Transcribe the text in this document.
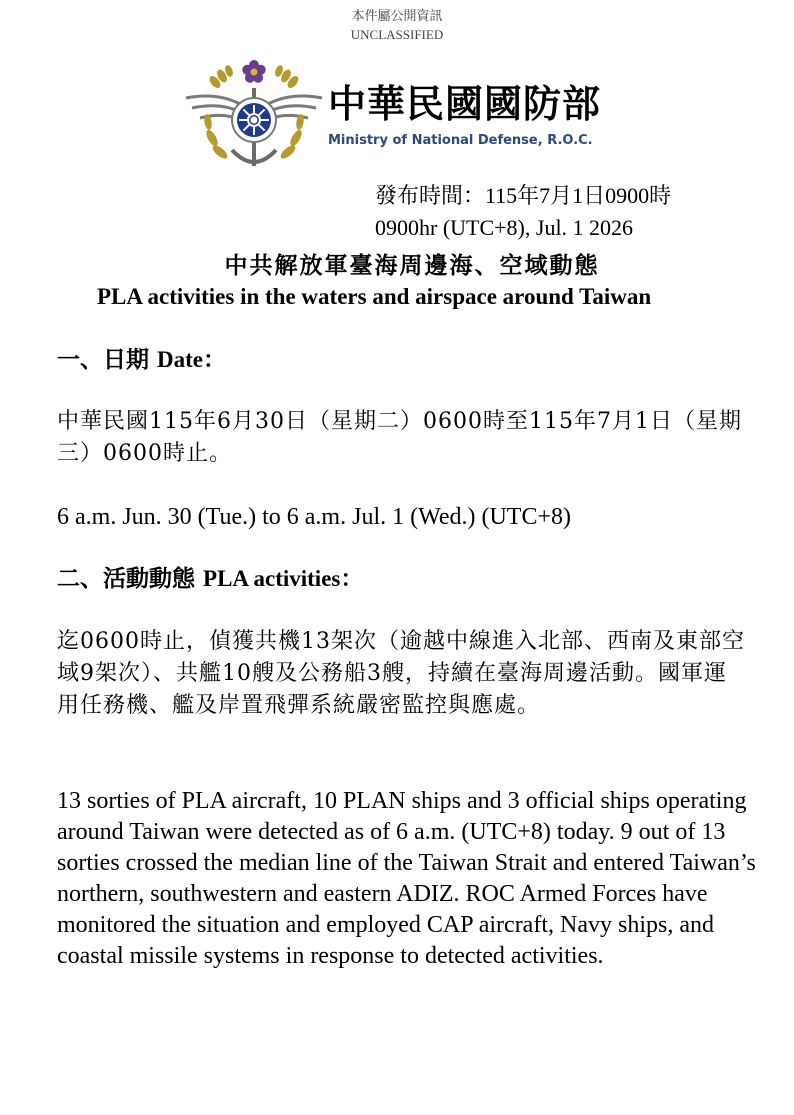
本件屬公開資訊
UNCLASSIFIED
中華民國國防部
Ministry of National Defense, R.O.C.
發布時間：115年7月1日0900時
0900hr (UTC+8), Jul. 1 2026
中共解放軍臺海周邊海、空域動態
PLA activities in the waters and airspace around Taiwan
一、日期 Date：
中華民國115年6月30日（星期二）0600時至115年7月1日（星期三）0600時止。
6 a.m. Jun. 30 (Tue.) to 6 a.m. Jul. 1 (Wed.) (UTC+8)
二、活動動態 PLA activities：
迄0600時止，偵獲共機13架次（逾越中線進入北部、西南及東部空域9架次）、共艦10艘及公務船3艘，持續在臺海周邊活動。國軍運用任務機、艦及岸置飛彈系統嚴密監控與應處。
13 sorties of PLA aircraft, 10 PLAN ships and 3 official ships operating around Taiwan were detected as of 6 a.m. (UTC+8) today. 9 out of 13 sorties crossed the median line of the Taiwan Strait and entered Taiwan’s northern, southwestern and eastern ADIZ. ROC Armed Forces have monitored the situation and employed CAP aircraft, Navy ships, and coastal missile systems in response to detected activities.
